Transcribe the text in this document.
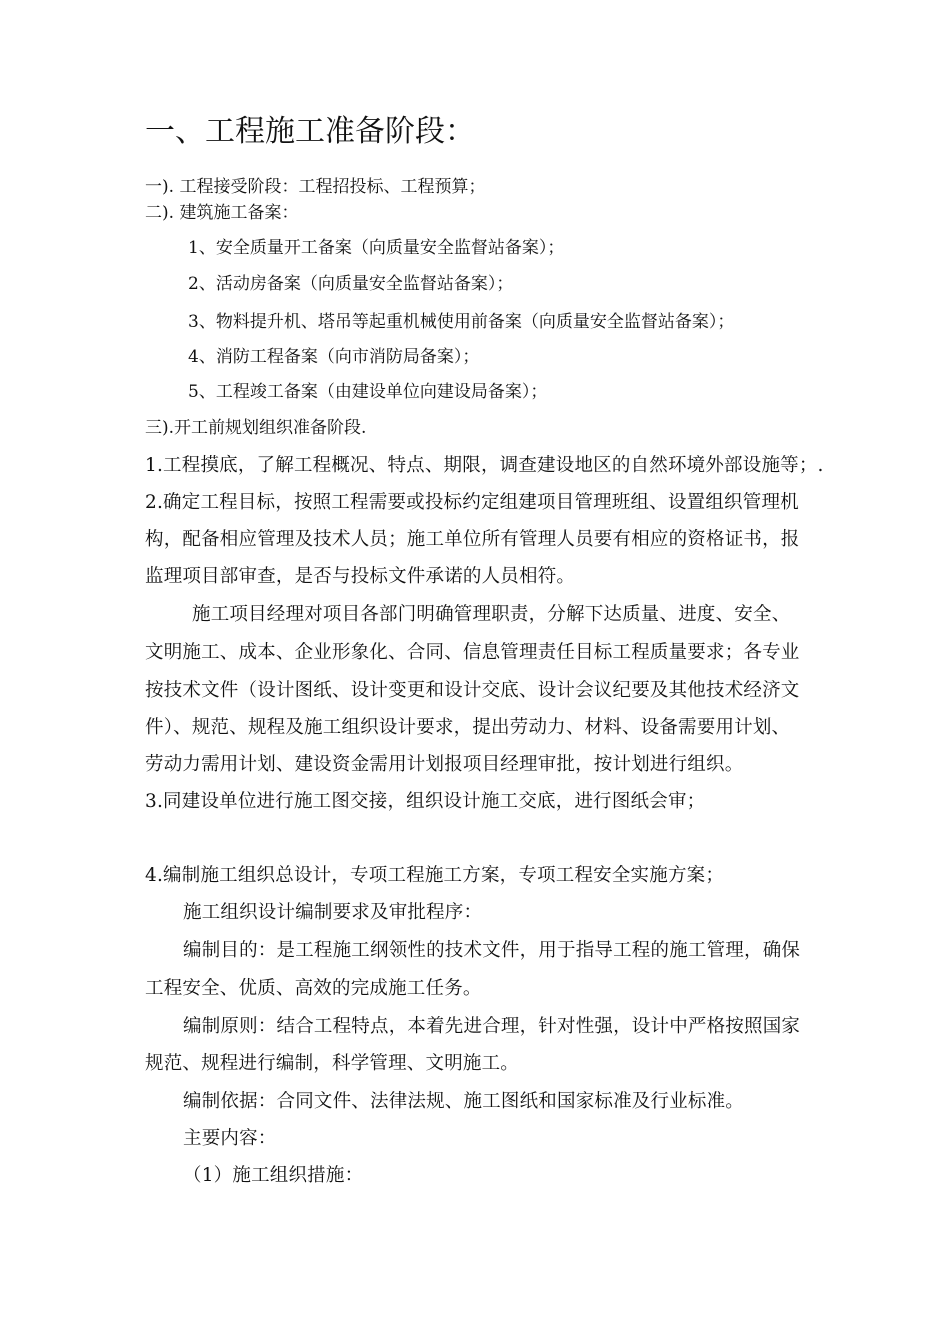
一、工程施工准备阶段：
一). 工程接受阶段：工程招投标、工程预算；
二). 建筑施工备案：
1、安全质量开工备案（向质量安全监督站备案）；
2、活动房备案（向质量安全监督站备案）；
3、物料提升机、塔吊等起重机械使用前备案（向质量安全监督站备案）；
4、消防工程备案（向市消防局备案）；
5、工程竣工备案（由建设单位向建设局备案）；
三).开工前规划组织准备阶段.
1.工程摸底，了解工程概况、特点、期限，调查建设地区的自然环境外部设施等；.
2.确定工程目标，按照工程需要或投标约定组建项目管理班组、设置组织管理机
构，配备相应管理及技术人员；施工单位所有管理人员要有相应的资格证书，报
监理项目部审查，是否与投标文件承诺的人员相符。
施工项目经理对项目各部门明确管理职责，分解下达质量、进度、安全、
文明施工、成本、企业形象化、合同、信息管理责任目标工程质量要求；各专业
按技术文件（设计图纸、设计变更和设计交底、设计会议纪要及其他技术经济文
件）、规范、规程及施工组织设计要求，提出劳动力、材料、设备需要用计划、
劳动力需用计划、建设资金需用计划报项目经理审批，按计划进行组织。
3.同建设单位进行施工图交接，组织设计施工交底，进行图纸会审；
4.编制施工组织总设计，专项工程施工方案，专项工程安全实施方案；
施工组织设计编制要求及审批程序：
编制目的：是工程施工纲领性的技术文件，用于指导工程的施工管理，确保
工程安全、优质、高效的完成施工任务。
编制原则：结合工程特点，本着先进合理，针对性强，设计中严格按照国家
规范、规程进行编制，科学管理、文明施工。
编制依据：合同文件、法律法规、施工图纸和国家标准及行业标准。
主要内容：
（1）施工组织措施：
